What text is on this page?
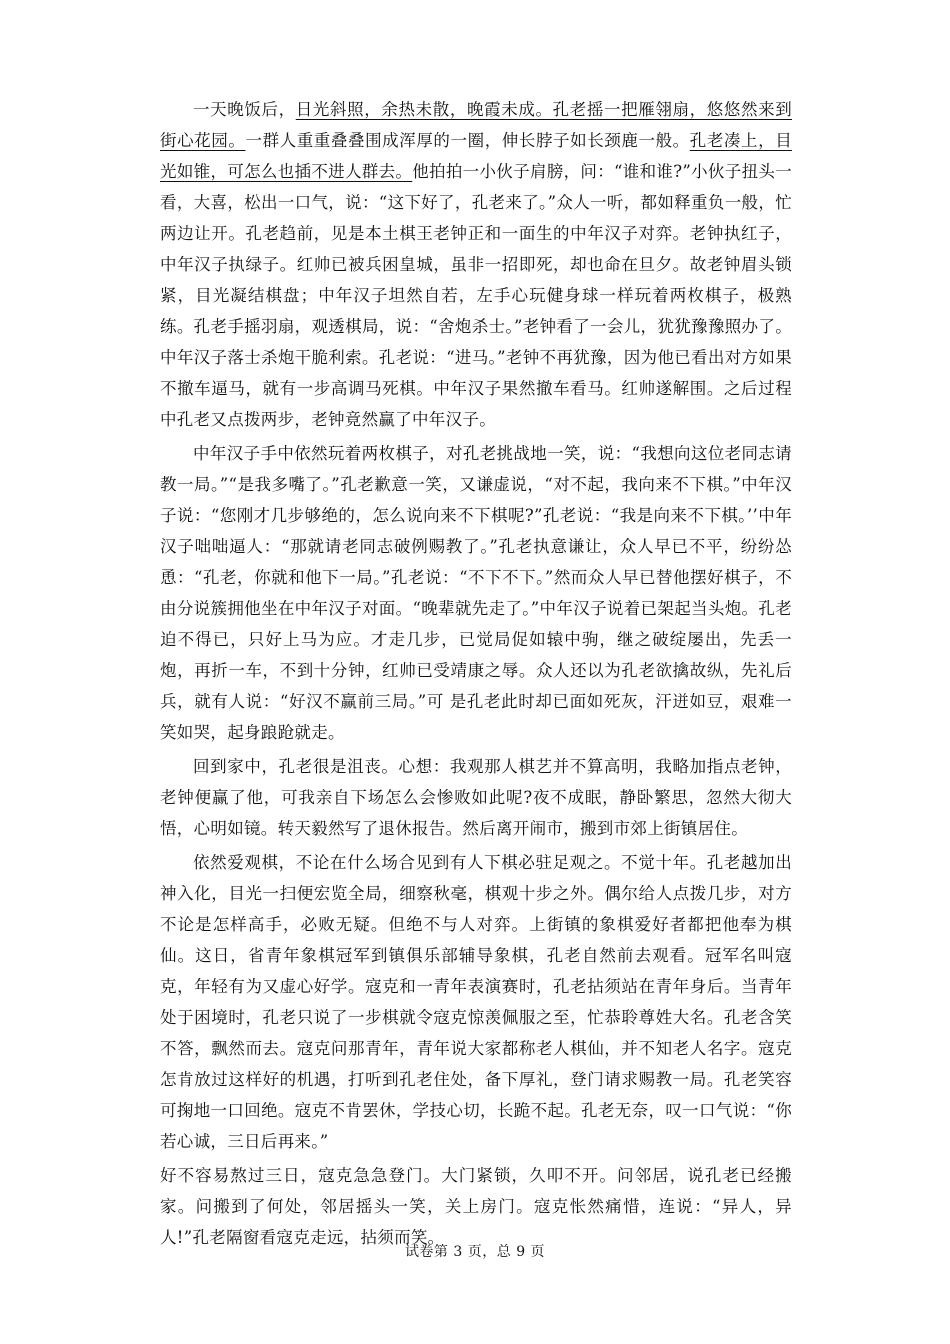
一天晚饭后，日光斜照，余热未散，晚霞未成。孔老摇一把雁翎扇，悠悠然来到街心花园。一群人重重叠叠围成浑厚的一圈，伸长脖子如长颈鹿一般。孔老凑上，目光如锥，可怎么也插不进人群去。他拍拍一小伙子肩膀，问：“谁和谁?”小伙子扭头一看，大喜，松出一口气，说：“这下好了，孔老来了。”众人一听，都如释重负一般，忙两边让开。孔老趋前，见是本土棋王老钟正和一面生的中年汉子对弈。老钟执红子，中年汉子执绿子。红帅已被兵困皇城，虽非一招即死，却也命在旦夕。故老钟眉头锁紧，目光凝结棋盘；中年汉子坦然自若，左手心玩健身球一样玩着两枚棋子，极熟练。孔老手摇羽扇，观透棋局，说：“舍炮杀士。”老钟看了一会儿，犹犹豫豫照办了。中年汉子落士杀炮干脆利索。孔老说：“进马。”老钟不再犹豫，因为他已看出对方如果不撤车逼马，就有一步高调马死棋。中年汉子果然撤车看马。红帅遂解围。之后过程中孔老又点拨两步，老钟竟然赢了中年汉子。

中年汉子手中依然玩着两枚棋子，对孔老挑战地一笑，说：“我想向这位老同志请教一局。”“是我多嘴了。”孔老歉意一笑，又谦虚说，“对不起，我向来不下棋。”中年汉子说：“您刚才几步够绝的，怎么说向来不下棋呢?”孔老说：“我是向来不下棋。’’中年汉子咄咄逼人：“那就请老同志破例赐教了。”孔老执意谦让，众人早已不平，纷纷怂恿：“孔老，你就和他下一局。”孔老说：“不下不下。”然而众人早已替他摆好棋子，不由分说簇拥他坐在中年汉子对面。“晚辈就先走了。”中年汉子说着已架起当头炮。孔老迫不得已，只好上马为应。才走几步，已觉局促如辕中驹，继之破绽屡出，先丢一炮，再折一车，不到十分钟，红帅已受靖康之辱。众人还以为孔老欲擒故纵，先礼后兵，就有人说：“好汉不赢前三局。”可 是孔老此时却已面如死灰，汗迸如豆，艰难一笑如哭，起身踉跄就走。

回到家中，孔老很是沮丧。心想：我观那人棋艺并不算高明，我略加指点老钟，老钟便赢了他，可我亲自下场怎么会惨败如此呢?夜不成眠，静卧繁思，忽然大彻大悟，心明如镜。转天毅然写了退休报告。然后离开闹市，搬到市郊上街镇居住。

依然爱观棋，不论在什么场合见到有人下棋必驻足观之。不觉十年。孔老越加出神入化，目光一扫便宏览全局，细察秋毫，棋观十步之外。偶尔给人点拨几步，对方不论是怎样高手，必败无疑。但绝不与人对弈。上街镇的象棋爱好者都把他奉为棋仙。这日，省青年象棋冠军到镇俱乐部辅导象棋，孔老自然前去观看。冠军名叫寇克，年轻有为又虚心好学。寇克和一青年表演赛时，孔老拈须站在青年身后。当青年处于困境时，孔老只说了一步棋就令寇克惊羡佩服之至，忙恭聆尊姓大名。孔老含笑不答，飘然而去。寇克问那青年，青年说大家都称老人棋仙，并不知老人名字。寇克怎肯放过这样好的机遇，打听到孔老住处，备下厚礼，登门请求赐教一局。孔老笑容可掬地一口回绝。寇克不肯罢休，学技心切，长跪不起。孔老无奈，叹一口气说：“你若心诚，三日后再来。”

好不容易熬过三日，寇克急急登门。大门紧锁，久叩不开。问邻居，说孔老已经搬家。问搬到了何处，邻居摇头一笑，关上房门。寇克怅然痛惜，连说：“异人，异人!”孔老隔窗看寇克走远，拈须而笑。

试卷第 3 页，总 9 页
